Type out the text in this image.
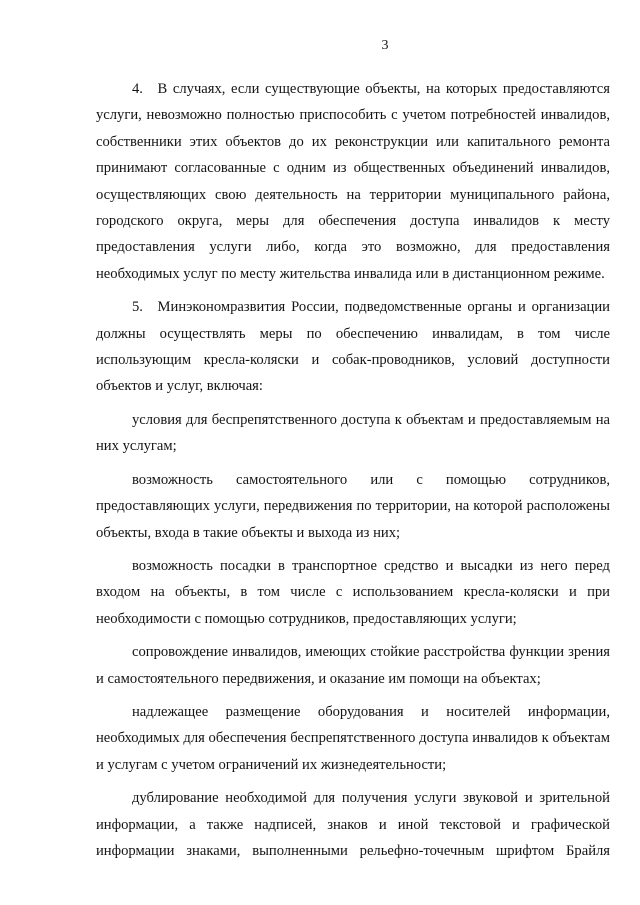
3

4. В случаях, если существующие объекты, на которых предоставляются услуги, невозможно полностью приспособить с учетом потребностей инвалидов, собственники этих объектов до их реконструкции или капитального ремонта принимают согласованные с одним из общественных объединений инвалидов, осуществляющих свою деятельность на территории муниципального района, городского округа, меры для обеспечения доступа инвалидов к месту предоставления услуги либо, когда это возможно, для предоставления необходимых услуг по месту жительства инвалида или в дистанционном режиме.

5. Минэкономразвития России, подведомственные органы и организации должны осуществлять меры по обеспечению инвалидам, в том числе использующим кресла-коляски и собак-проводников, условий доступности объектов и услуг, включая:

условия для беспрепятственного доступа к объектам и предоставляемым на них услугам;

возможность самостоятельного или с помощью сотрудников, предоставляющих услуги, передвижения по территории, на которой расположены объекты, входа в такие объекты и выхода из них;

возможность посадки в транспортное средство и высадки из него перед входом на объекты, в том числе с использованием кресла-коляски и при необходимости с помощью сотрудников, предоставляющих услуги;

сопровождение инвалидов, имеющих стойкие расстройства функции зрения и самостоятельного передвижения, и оказание им помощи на объектах;

надлежащее размещение оборудования и носителей информации, необходимых для обеспечения беспрепятственного доступа инвалидов к объектам и услугам с учетом ограничений их жизнедеятельности;

дублирование необходимой для получения услуги звуковой и зрительной информации, а также надписей, знаков и иной текстовой и графической информации знаками, выполненными рельефно-точечным шрифтом Брайля
